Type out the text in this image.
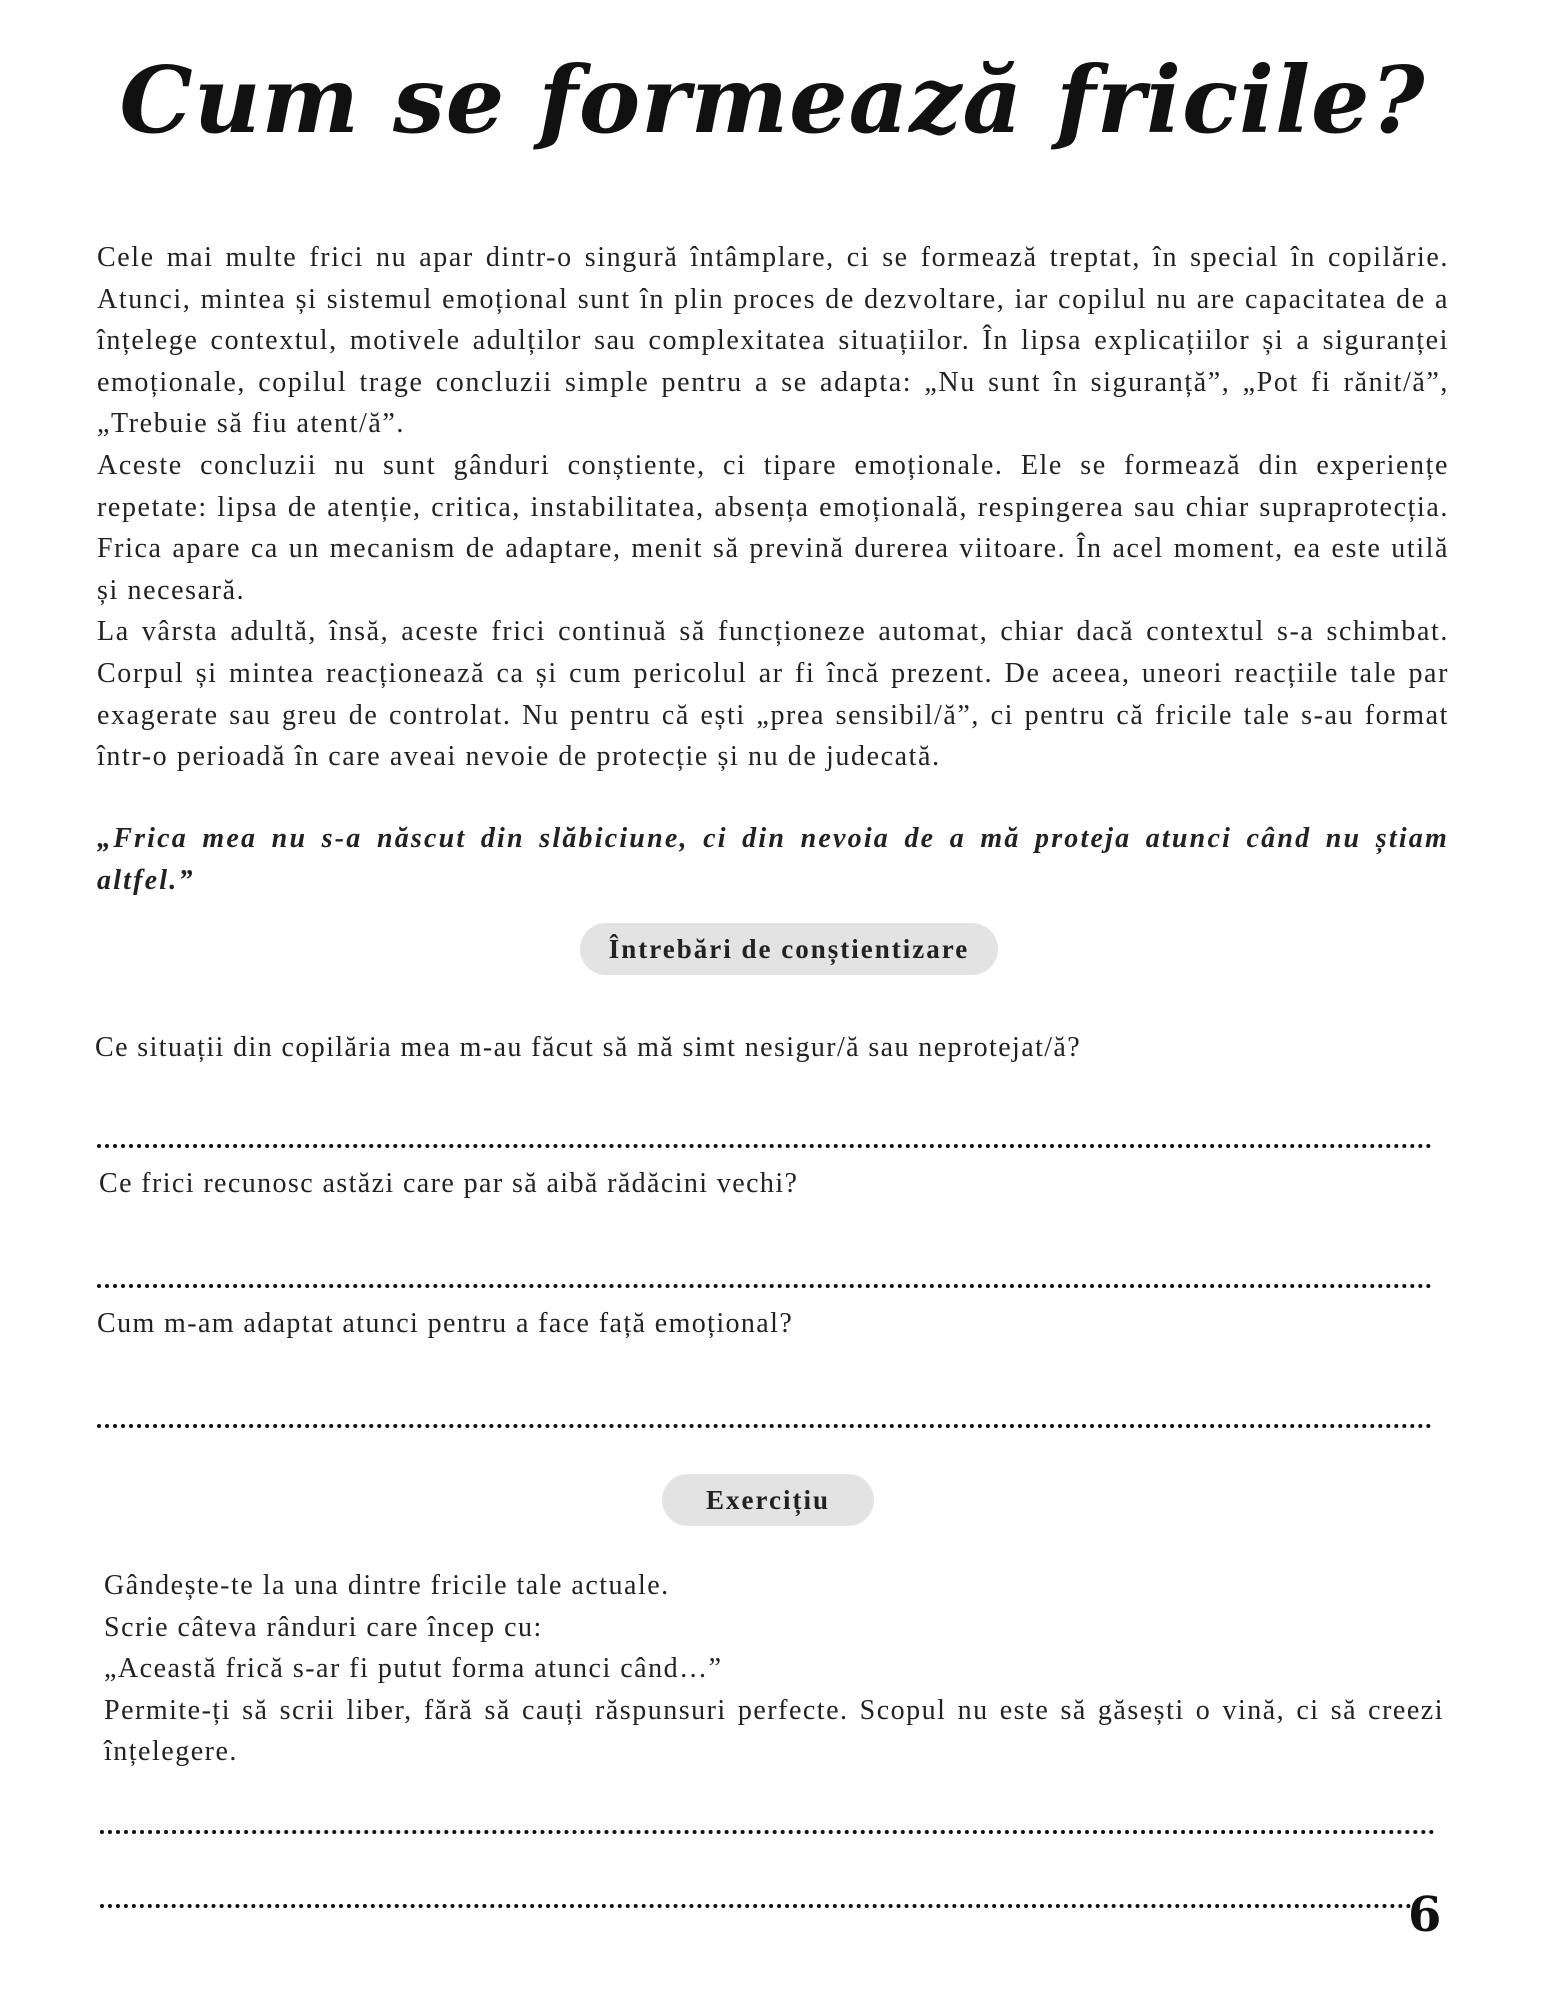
Cum se formează fricile?

Cele mai multe frici nu apar dintr-o singură întâmplare, ci se formează treptat, în special în copilărie. Atunci, mintea și sistemul emoțional sunt în plin proces de dezvoltare, iar copilul nu are capacitatea de a înțelege contextul, motivele adulților sau complexitatea situațiilor. În lipsa explicațiilor și a siguranței emoționale, copilul trage concluzii simple pentru a se adapta: „Nu sunt în siguranță”, „Pot fi rănit/ă”, „Trebuie să fiu atent/ă”.

Aceste concluzii nu sunt gânduri conștiente, ci tipare emoționale. Ele se formează din experiențe repetate: lipsa de atenție, critica, instabilitatea, absența emoțională, respingerea sau chiar supraprotecția. Frica apare ca un mecanism de adaptare, menit să prevină durerea viitoare. În acel moment, ea este utilă și necesară.

La vârsta adultă, însă, aceste frici continuă să funcționeze automat, chiar dacă contextul s-a schimbat. Corpul și mintea reacționează ca și cum pericolul ar fi încă prezent. De aceea, uneori reacțiile tale par exagerate sau greu de controlat. Nu pentru că ești „prea sensibil/ă”, ci pentru că fricile tale s-au format într-o perioadă în care aveai nevoie de protecție și nu de judecată.

„Frica mea nu s-a născut din slăbiciune, ci din nevoia de a mă proteja atunci când nu știam altfel.”

Întrebări de conștientizare

Ce situații din copilăria mea m-au făcut să mă simt nesigur/ă sau neprotejat/ă?

Ce frici recunosc astăzi care par să aibă rădăcini vechi?

Cum m-am adaptat atunci pentru a face față emoțional?

Exercițiu

Gândește-te la una dintre fricile tale actuale.

Scrie câteva rânduri care încep cu:

„Această frică s-ar fi putut forma atunci când…”

Permite-ți să scrii liber, fără să cauți răspunsuri perfecte. Scopul nu este să găsești o vină, ci să creezi înțelegere.

6
